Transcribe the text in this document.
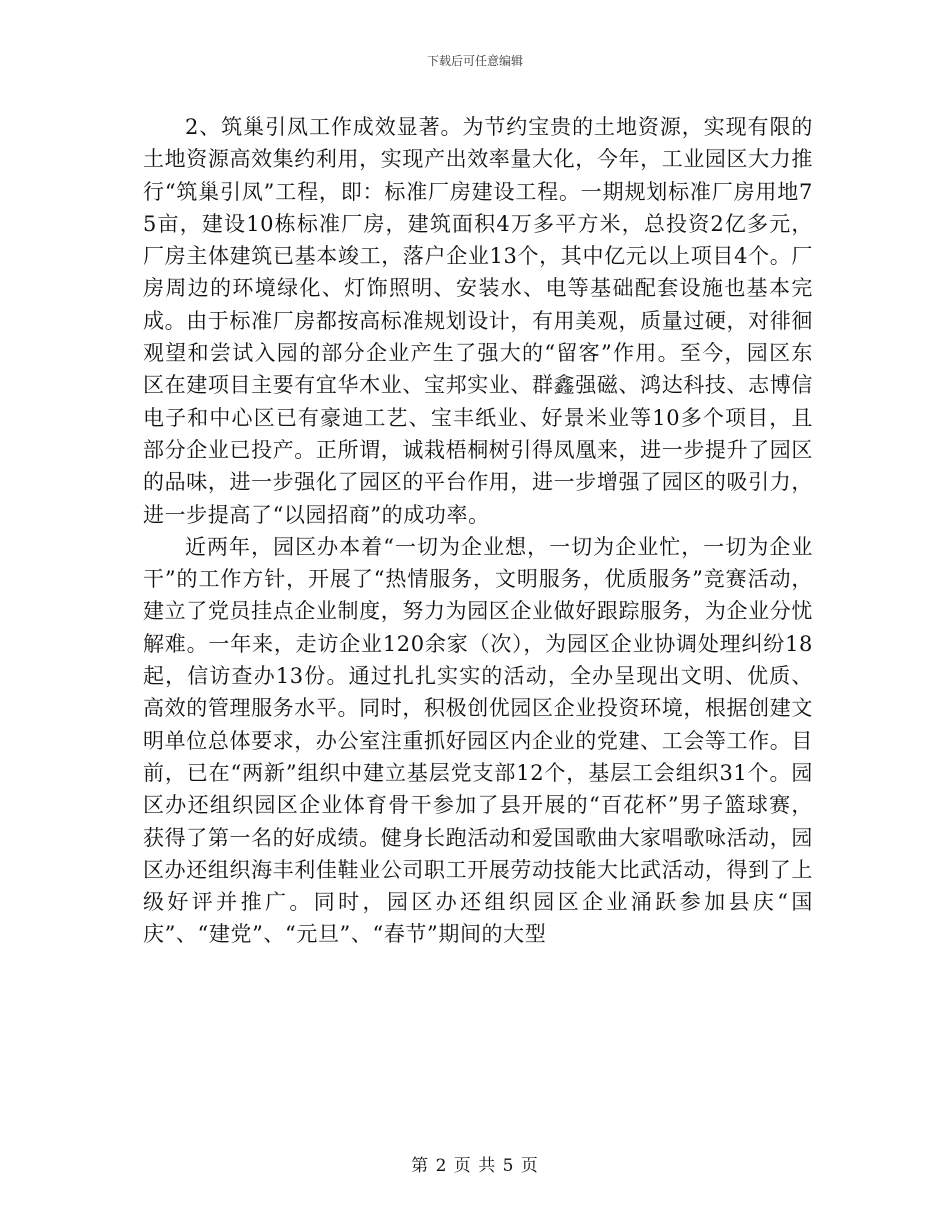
下载后可任意编辑

2、筑巢引凤工作成效显著。为节约宝贵的土地资源，实现有限的土地资源高效集约利用，实现产出效率量大化，今年，工业园区大力推行“筑巢引凤”工程，即：标准厂房建设工程。一期规划标准厂房用地75亩，建设10栋标准厂房，建筑面积4万多平方米，总投资2亿多元，厂房主体建筑已基本竣工，落户企业13个，其中亿元以上项目4个。厂房周边的环境绿化、灯饰照明、安装水、电等基础配套设施也基本完成。由于标准厂房都按高标准规划设计，有用美观，质量过硬，对徘徊观望和尝试入园的部分企业产生了强大的“留客”作用。至今，园区东区在建项目主要有宜华木业、宝邦实业、群鑫强磁、鸿达科技、志博信电子和中心区已有豪迪工艺、宝丰纸业、好景米业等10多个项目，且部分企业已投产。正所谓，诚栽梧桐树引得凤凰来，进一步提升了园区的品味，进一步强化了园区的平台作用，进一步增强了园区的吸引力，进一步提高了“以园招商”的成功率。

近两年，园区办本着“一切为企业想，一切为企业忙，一切为企业干”的工作方针，开展了“热情服务，文明服务，优质服务”竞赛活动，建立了党员挂点企业制度，努力为园区企业做好跟踪服务，为企业分忧解难。一年来，走访企业120余家（次），为园区企业协调处理纠纷18起，信访查办13份。通过扎扎实实的活动，全办呈现出文明、优质、高效的管理服务水平。同时，积极创优园区企业投资环境，根据创建文明单位总体要求，办公室注重抓好园区内企业的党建、工会等工作。目前，已在“两新”组织中建立基层党支部12个，基层工会组织31个。园区办还组织园区企业体育骨干参加了县开展的“百花杯”男子篮球赛，获得了第一名的好成绩。健身长跑活动和爱国歌曲大家唱歌咏活动，园区办还组织海丰利佳鞋业公司职工开展劳动技能大比武活动，得到了上级好评并推广。同时，园区办还组织园区企业涌跃参加县庆“国庆”、“建党”、“元旦”、“春节”期间的大型

第 2 页 共 5 页
